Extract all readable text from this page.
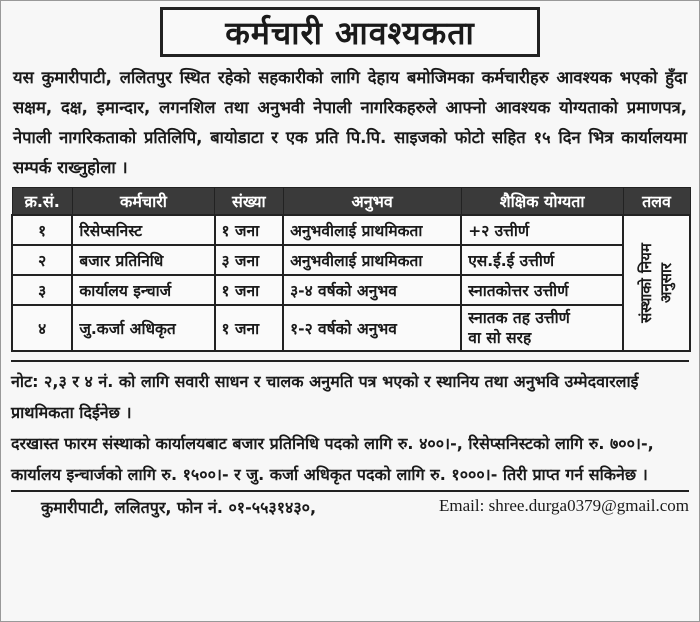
कर्मचारी आवश्यकता
यस कुमारीपाटी, ललितपुर स्थित रहेको सहकारीको लागि देहाय बमोजिमका कर्मचारीहरु आवश्यक भएको हुँदा सक्षम, दक्ष, इमान्दार, लगनशिल तथा अनुभवी नेपाली नागरिकहरुले आफ्नो आवश्यक योग्यताको प्रमाणपत्र, नेपाली नागरिकताको प्रतिलिपि, बायोडाटा र एक प्रति पि.पि. साइजको फोटो सहित १५ दिन भित्र कार्यालयमा सम्पर्क राख्नुहोला ।
क्र.सं.	कर्मचारी	संख्या	अनुभव	शैक्षिक योग्यता	तलव
१	रिसेप्सनिस्ट	१ जना	अनुभवीलाई प्राथमिकता	+२ उत्तीर्ण	संस्थाको नियम अनुसार

२	बजार प्रतिनिधि	३ जना	अनुभवीलाई प्राथमिकता	एस.ई.ई उत्तीर्ण	
३	कार्यालय इन्चार्ज	१ जना	३-४ वर्षको अनुभव	स्नातकोत्तर उत्तीर्ण	
४	जु.कर्जा अधिकृत	१ जना	१-२ वर्षको अनुभव	स्नातक तह उत्तीर्ण
वा सो सरह	

नोट: २,३ र ४ नं. को लागि सवारी साधन र चालक अनुमति पत्र भएको र स्थानिय तथा अनुभवि उम्मेदवारलाई प्राथमिकता दिईनेछ ।

दरखास्त फारम संस्थाको कार्यालयबाट बजार प्रतिनिधि पदको लागि रु. ४००।-, रिसेप्सनिस्टको लागि रु. ७००।-, कार्यालय इन्चार्जको लागि रु. १५००।- र जु. कर्जा अधिकृत पदको लागि रु. १०००।- तिरी प्राप्त गर्न सकिनेछ ।

कुमारीपाटी, ललितपुर, फोन नं. ०१-५५३१४३०,	Email: shree.durga0379@gmail.com
